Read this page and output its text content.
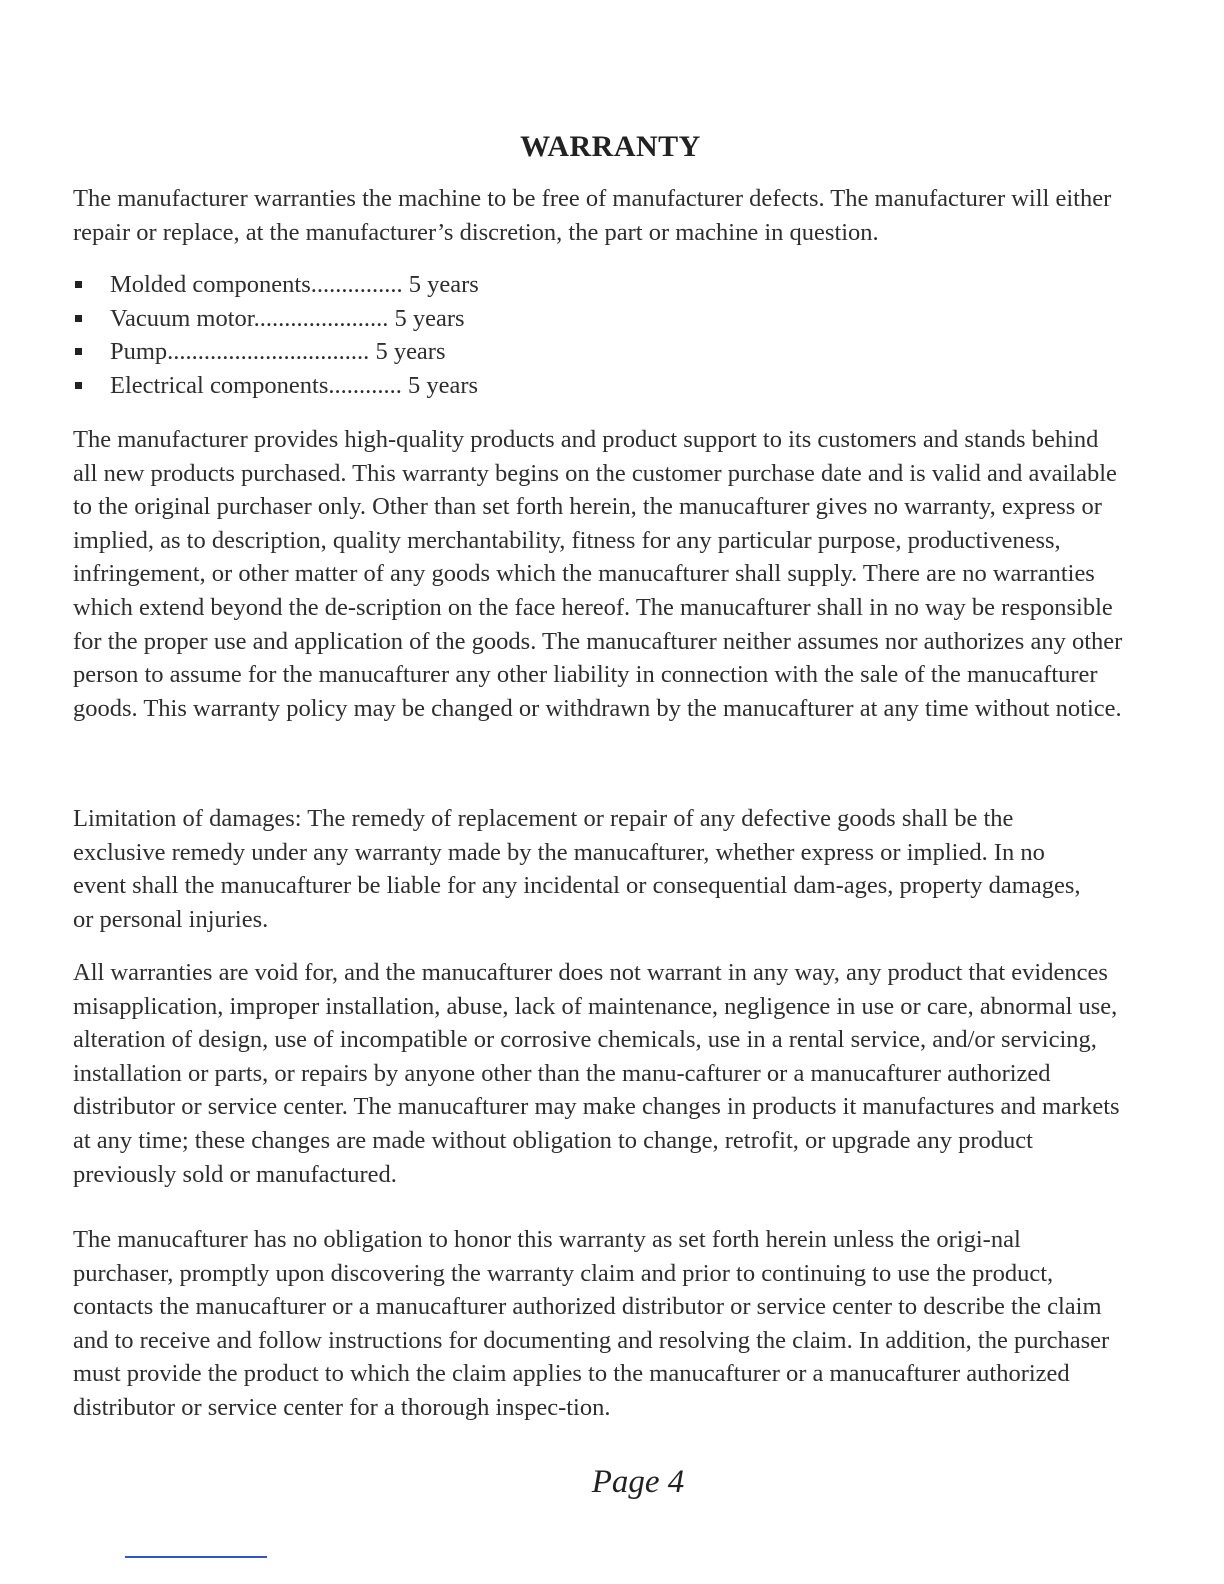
WARRANTY

The manufacturer warranties the machine to be free of manufacturer defects. The manufacturer will either repair or replace, at the manufacturer’s discretion, the part or machine in question.

Molded components............... 5 years
Vacuum motor...................... 5 years
Pump................................. 5 years
Electrical components............ 5 years

The manufacturer provides high-quality products and product support to its customers and stands behind all new products purchased. This warranty begins on the customer purchase date and is valid and available to the original purchaser only. Other than set forth herein, the manucafturer gives no warranty, express or implied, as to description, quality merchantability, fitness for any particular purpose, productiveness, infringement, or other matter of any goods which the manucafturer shall supply. There are no warranties which extend beyond the de-scription on the face hereof. The manucafturer shall in no way be responsible for the proper use and application of the goods. The manucafturer neither assumes nor authorizes any other person to assume for the manucafturer any other liability in connection with the sale of the manucafturer goods. This warranty policy may be changed or withdrawn by the manucafturer at any time without notice.

Limitation of damages: The remedy of replacement or repair of any defective goods shall be the exclusive remedy under any warranty made by the manucafturer, whether express or implied. In no event shall the manucafturer be liable for any incidental or consequential dam-ages, property damages, or personal injuries.

All warranties are void for, and the manucafturer does not warrant in any way, any product that evidences misapplication, improper installation, abuse, lack of maintenance, negligence in use or care, abnormal use, alteration of design, use of incompatible or corrosive chemicals, use in a rental service, and/or servicing, installation or parts, or repairs by anyone other than the manu-cafturer or a manucafturer authorized distributor or service center. The manucafturer may make changes in products it manufactures and markets at any time; these changes are made without obligation to change, retrofit, or upgrade any product previously sold or manufactured.

The manucafturer has no obligation to honor this warranty as set forth herein unless the origi-nal purchaser, promptly upon discovering the warranty claim and prior to continuing to use the product, contacts the manucafturer or a manucafturer authorized distributor or service center to describe the claim and to receive and follow instructions for documenting and resolving the claim. In addition, the purchaser must provide the product to which the claim applies to the manucafturer or a manucafturer authorized distributor or service center for a thorough inspec-tion.

Page 4
